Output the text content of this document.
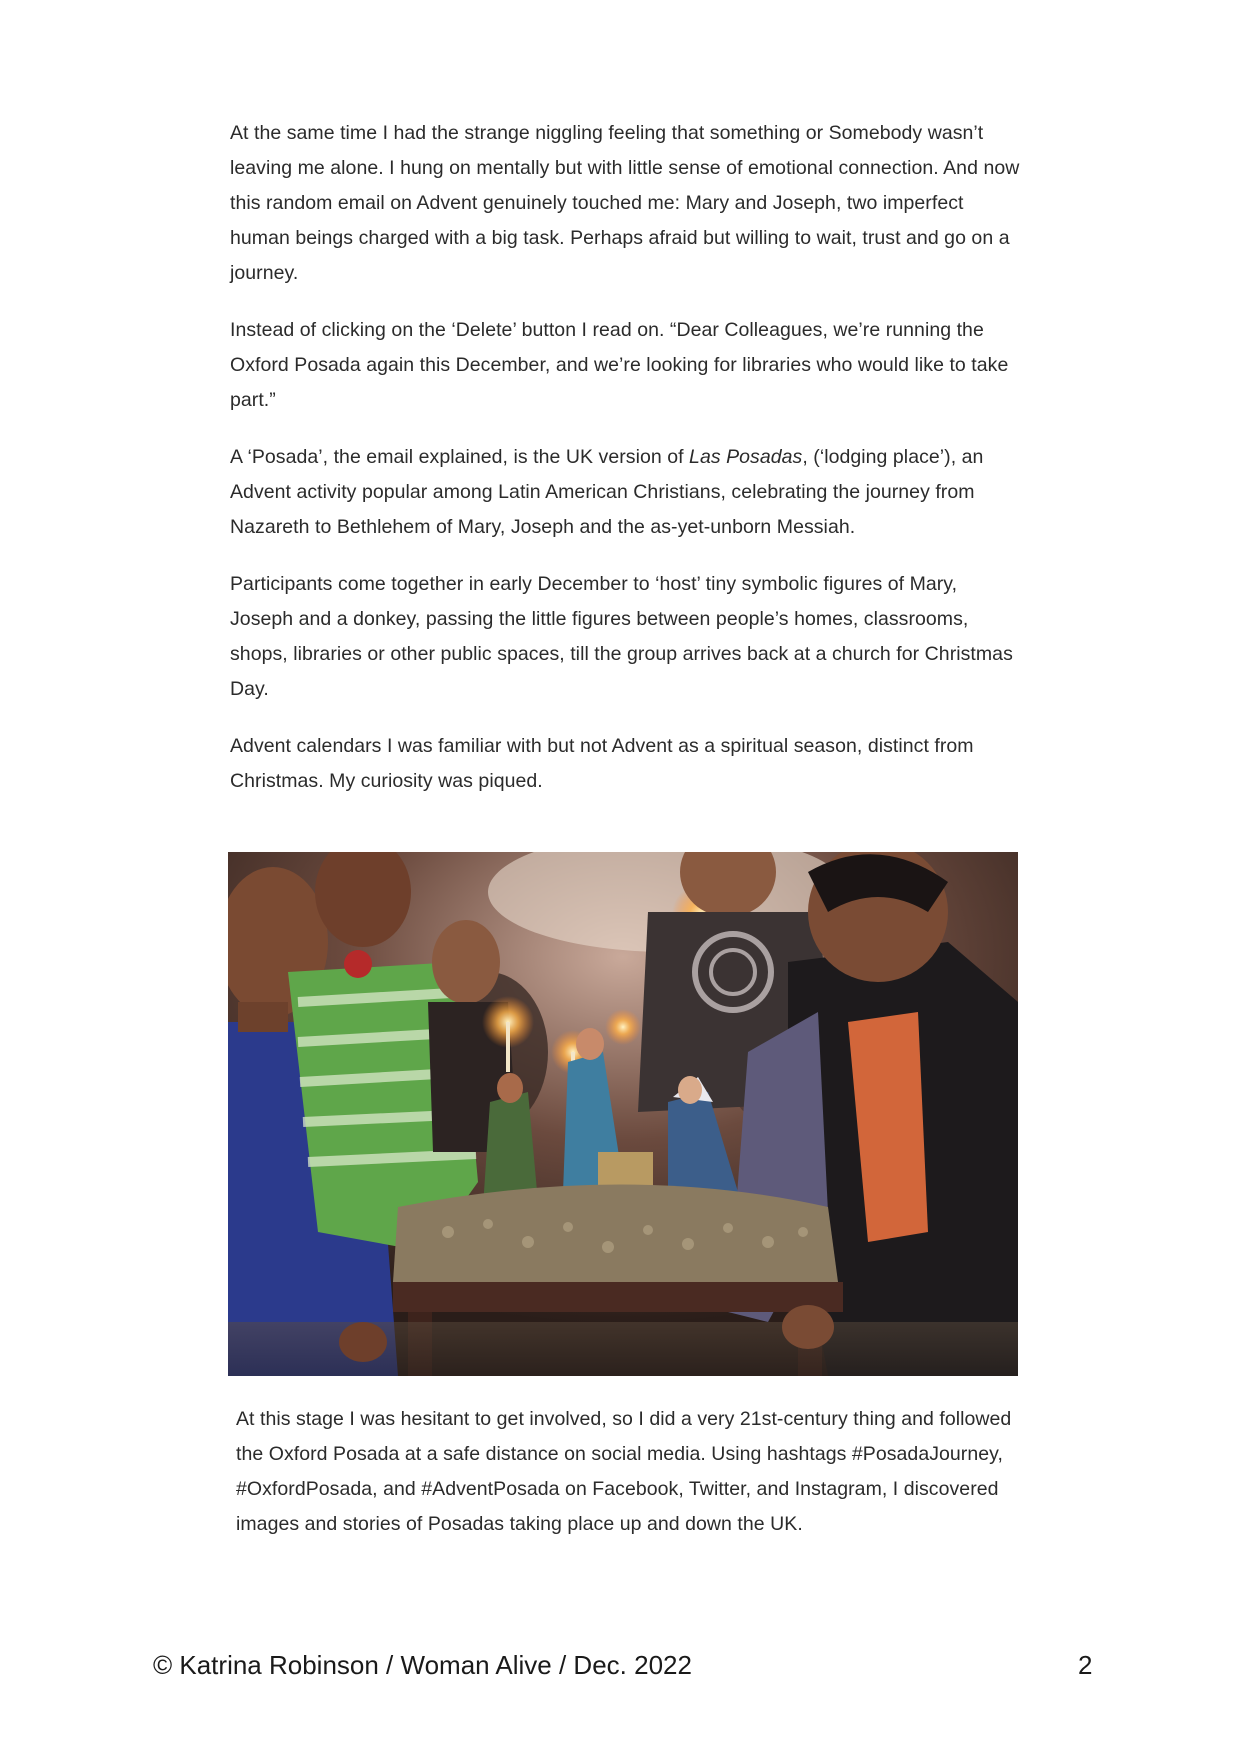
At the same time I had the strange niggling feeling that something or Somebody wasn’t leaving me alone. I hung on mentally but with little sense of emotional connection. And now this random email on Advent genuinely touched me: Mary and Joseph, two imperfect human beings charged with a big task. Perhaps afraid but willing to wait, trust and go on a journey.

Instead of clicking on the ‘Delete’ button I read on. “Dear Colleagues, we’re running the Oxford Posada again this December, and we’re looking for libraries who would like to take part.”

A ‘Posada’, the email explained, is the UK version of Las Posadas, (‘lodging place’), an Advent activity popular among Latin American Christians, celebrating the journey from Nazareth to Bethlehem of Mary, Joseph and the as-yet-unborn Messiah.

Participants come together in early December to ‘host’ tiny symbolic figures of Mary, Joseph and a donkey, passing the little figures between people’s homes, classrooms, shops, libraries or other public spaces, till the group arrives back at a church for Christmas Day.

Advent calendars I was familiar with but not Advent as a spiritual season, distinct from Christmas. My curiosity was piqued.

At this stage I was hesitant to get involved, so I did a very 21st-century thing and followed the Oxford Posada at a safe distance on social media. Using hashtags #PosadaJourney, #OxfordPosada, and #AdventPosada on Facebook, Twitter, and Instagram, I discovered images and stories of Posadas taking place up and down the UK.

© Katrina Robinson / Woman Alive / Dec. 2022	2
